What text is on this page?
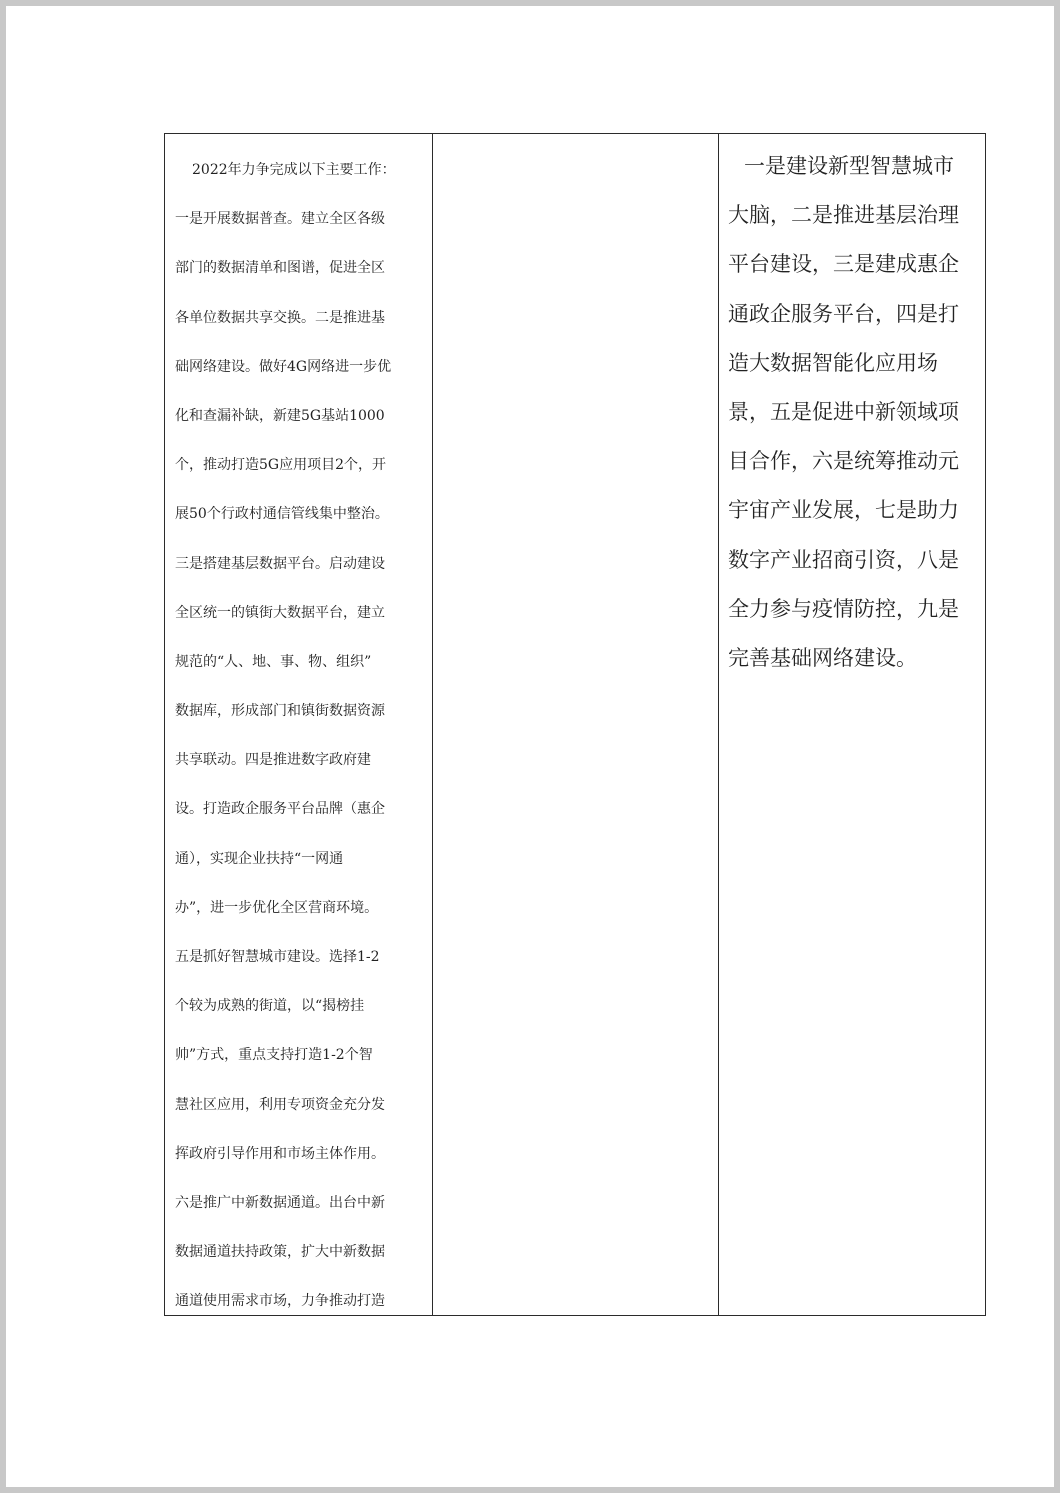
2022年力争完成以下主要工作：
一是开展数据普查。建立全区各级
部门的数据清单和图谱，促进全区
各单位数据共享交换。二是推进基
础网络建设。做好4G网络进一步优
化和查漏补缺，新建5G基站1000
个，推动打造5G应用项目2个，开
展50个行政村通信管线集中整治。
三是搭建基层数据平台。启动建设
全区统一的镇街大数据平台，建立
规范的“人、地、事、物、组织”
数据库，形成部门和镇街数据资源
共享联动。四是推进数字政府建
设。打造政企服务平台品牌（惠企
通），实现企业扶持“一网通
办”，进一步优化全区营商环境。
五是抓好智慧城市建设。选择1-2
个较为成熟的街道，以“揭榜挂
帅”方式，重点支持打造1-2个智
慧社区应用，利用专项资金充分发
挥政府引导作用和市场主体作用。
六是推广中新数据通道。出台中新
数据通道扶持政策，扩大中新数据
通道使用需求市场，力争推动打造
一是建设新型智慧城市
大脑，二是推进基层治理
平台建设，三是建成惠企
通政企服务平台，四是打
造大数据智能化应用场
景，五是促进中新领域项
目合作，六是统筹推动元
宇宙产业发展，七是助力
数字产业招商引资，八是
全力参与疫情防控，九是
完善基础网络建设。
